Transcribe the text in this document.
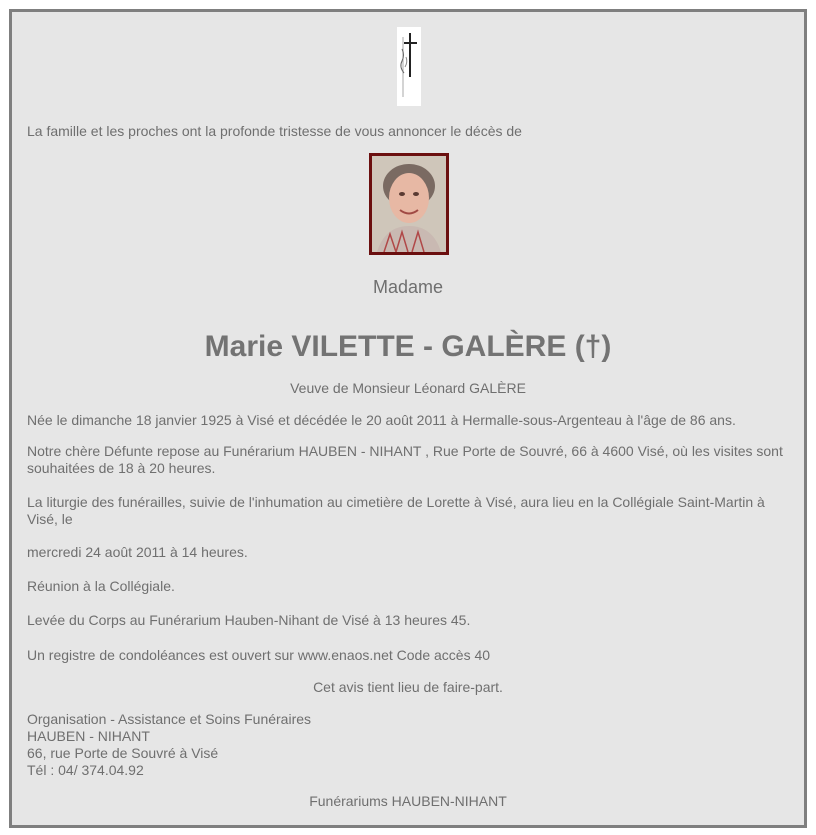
La famille et les proches ont la profonde tristesse de vous annoncer le décès de
Madame
Marie VILETTE - GALÈRE (†)
Veuve de Monsieur Léonard GALÈRE
Née le dimanche 18 janvier 1925 à Visé et décédée le 20 août 2011 à Hermalle-sous-Argenteau à l'âge de 86 ans.
Notre chère Défunte repose au Funérarium HAUBEN - NIHANT , Rue Porte de Souvré, 66 à 4600 Visé, où les visites sont souhaitées de 18 à 20 heures.
La liturgie des funérailles, suivie de l'inhumation au cimetière de Lorette à Visé, aura lieu en la Collégiale Saint-Martin à Visé, le
mercredi 24 août 2011 à 14 heures.
Réunion à la Collégiale.
Levée du Corps au Funérarium Hauben-Nihant de Visé à 13 heures 45.
Un registre de condoléances est ouvert sur www.enaos.net Code accès 40
Cet avis tient lieu de faire-part.
Organisation - Assistance et Soins Funéraires
HAUBEN - NIHANT
66, rue Porte de Souvré à Visé
Tél : 04/ 374.04.92
Funérariums HAUBEN-NIHANT
